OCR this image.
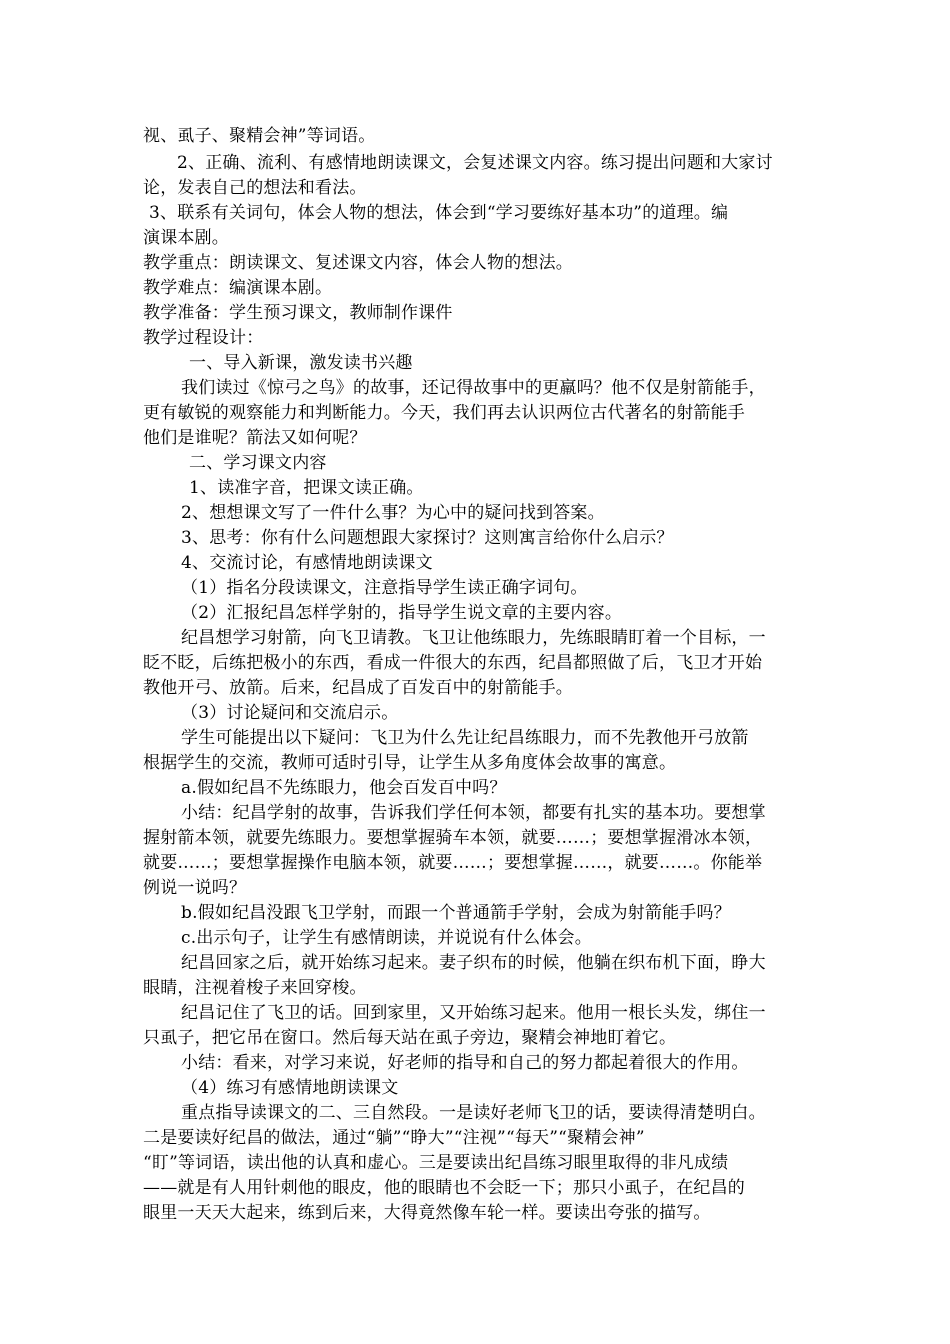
视、虱子、聚精会神”等词语。
2、正确、流利、有感情地朗读课文，会复述课文内容。练习提出问题和大家讨
论，发表自己的想法和看法。
3、联系有关词句，体会人物的想法，体会到“学习要练好基本功”的道理。编
演课本剧。
教学重点：朗读课文、复述课文内容，体会人物的想法。
教学难点：编演课本剧。
教学准备：学生预习课文，教师制作课件
教学过程设计：
一、导入新课，激发读书兴趣
我们读过《惊弓之鸟》的故事，还记得故事中的更羸吗？他不仅是射箭能手，
更有敏锐的观察能力和判断能力。今天，我们再去认识两位古代著名的射箭能手
他们是谁呢？箭法又如何呢？
二、学习课文内容
1、读准字音，把课文读正确。
2、想想课文写了一件什么事？为心中的疑问找到答案。
3、思考：你有什么问题想跟大家探讨？这则寓言给你什么启示？
4、交流讨论，有感情地朗读课文
（1）指名分段读课文，注意指导学生读正确字词句。
（2）汇报纪昌怎样学射的，指导学生说文章的主要内容。
纪昌想学习射箭，向飞卫请教。飞卫让他练眼力，先练眼睛盯着一个目标，一
眨不眨，后练把极小的东西，看成一件很大的东西，纪昌都照做了后，飞卫才开始
教他开弓、放箭。后来，纪昌成了百发百中的射箭能手。
（3）讨论疑问和交流启示。
学生可能提出以下疑问：飞卫为什么先让纪昌练眼力，而不先教他开弓放箭
根据学生的交流，教师可适时引导，让学生从多角度体会故事的寓意。
a.假如纪昌不先练眼力，他会百发百中吗？
小结：纪昌学射的故事，告诉我们学任何本领，都要有扎实的基本功。要想掌
握射箭本领，就要先练眼力。要想掌握骑车本领，就要……；要想掌握滑冰本领，
就要……；要想掌握操作电脑本领，就要……；要想掌握……，就要……。你能举
例说一说吗？
b.假如纪昌没跟飞卫学射，而跟一个普通箭手学射，会成为射箭能手吗？
c.出示句子，让学生有感情朗读，并说说有什么体会。
纪昌回家之后，就开始练习起来。妻子织布的时候，他躺在织布机下面，睁大
眼睛，注视着梭子来回穿梭。
纪昌记住了飞卫的话。回到家里，又开始练习起来。他用一根长头发，绑住一
只虱子，把它吊在窗口。然后每天站在虱子旁边，聚精会神地盯着它。
小结：看来，对学习来说，好老师的指导和自己的努力都起着很大的作用。
（4）练习有感情地朗读课文
重点指导读课文的二、三自然段。一是读好老师飞卫的话，要读得清楚明白。
二是要读好纪昌的做法，通过“躺”“睁大”“注视”“每天”“聚精会神”
“盯”等词语，读出他的认真和虚心。三是要读出纪昌练习眼里取得的非凡成绩
——就是有人用针刺他的眼皮，他的眼睛也不会眨一下；那只小虱子，在纪昌的
眼里一天天大起来，练到后来，大得竟然像车轮一样。要读出夸张的描写。
